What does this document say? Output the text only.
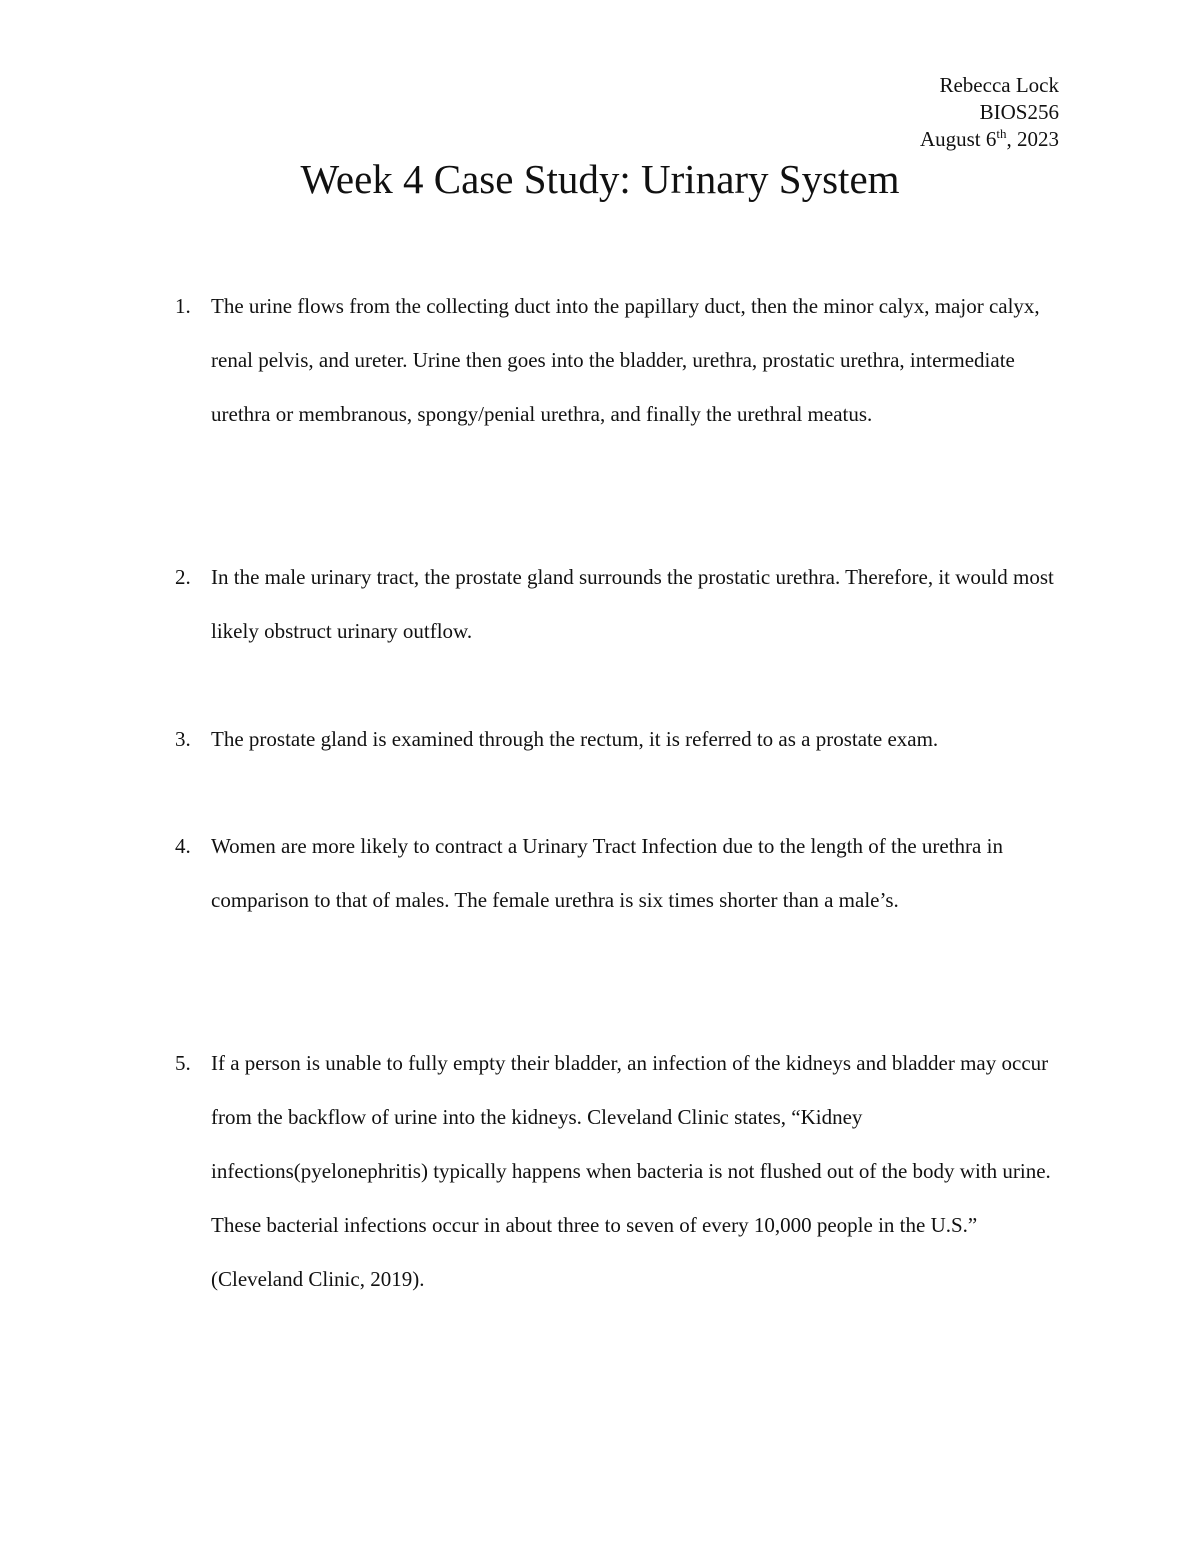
Rebecca Lock
BIOS256
August 6th, 2023
Week 4 Case Study: Urinary System
1. The urine flows from the collecting duct into the papillary duct, then the minor calyx, major calyx, renal pelvis, and ureter. Urine then goes into the bladder, urethra, prostatic urethra, intermediate urethra or membranous, spongy/penial urethra, and finally the urethral meatus.
2. In the male urinary tract, the prostate gland surrounds the prostatic urethra. Therefore, it would most likely obstruct urinary outflow.
3. The prostate gland is examined through the rectum, it is referred to as a prostate exam.
4. Women are more likely to contract a Urinary Tract Infection due to the length of the urethra in comparison to that of males. The female urethra is six times shorter than a male’s.
5. If a person is unable to fully empty their bladder, an infection of the kidneys and bladder may occur from the backflow of urine into the kidneys. Cleveland Clinic states, “Kidney infections(pyelonephritis) typically happens when bacteria is not flushed out of the body with urine. These bacterial infections occur in about three to seven of every 10,000 people in the U.S.” (Cleveland Clinic, 2019).
